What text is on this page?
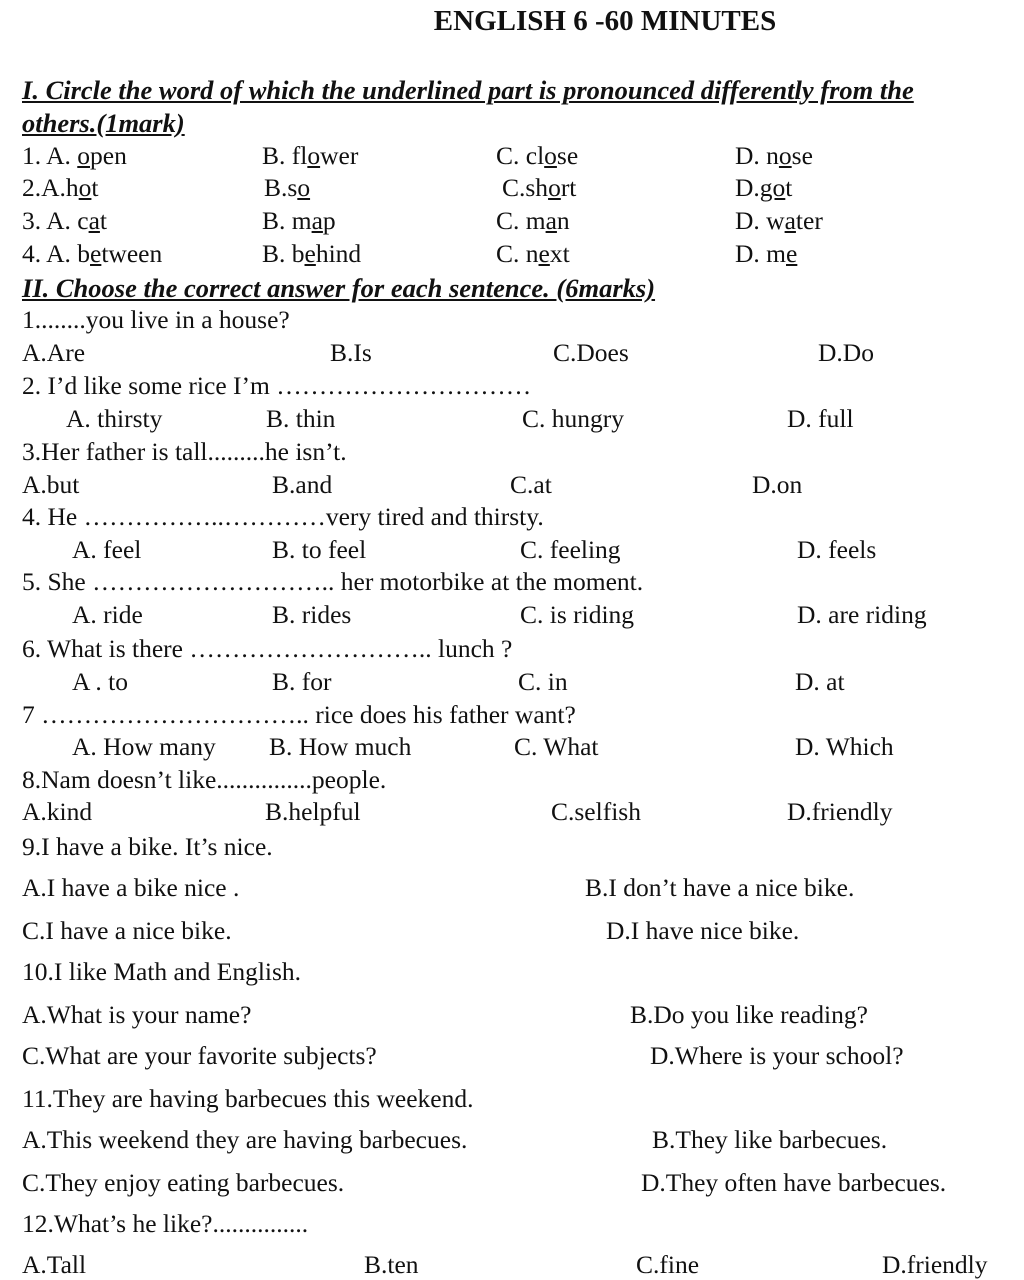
ENGLISH 6 -60 MINUTES
I. Circle the word of which the underlined part is pronounced differently from the
others.(1mark)
1. A. open	B. flower	C. close	D. nose
2.A.hot	B.so	C.short	D.got
3. A. cat	B. map	C. man	D. water
4. A. between	B. behind	C. next	D. me
II. Choose the correct answer for each sentence. (6marks)
1........you live in a house?
A.Are	B.Is	C.Does	D.Do
2. I’d like some rice I’m …………………………
A. thirsty	B. thin	C. hungry	D. full
3.Her father is tall.........he isn’t.
A.but	B.and	C.at	D.on
4. He ……………..…………very tired and thirsty.
A. feel	B. to feel	C. feeling	D. feels
5. She ……………………….. her motorbike at the moment.
A. ride	B. rides	C. is riding	D. are riding
6. What is there ……………………….. lunch ?
A . to	B. for	C. in	D. at
7 ………………………….. rice does his father want?
A. How many B. How much	C. What	D. Which
8.Nam doesn’t like...............people.
A.kind	B.helpful	C.selfish	D.friendly
9.I have a bike. It’s nice.
A.I have a bike nice .	B.I don’t have a nice bike.
C.I have a nice bike.	D.I have nice bike.
10.I like Math and English.
A.What is your name?	B.Do you like reading?
C.What are your favorite subjects?	D.Where is your school?
11.They are having barbecues this weekend.
A.This weekend they are having barbecues.	B.They like barbecues.
C.They enjoy eating barbecues.	D.They often have barbecues.
12.What’s he like?...............
A.Tall	B.ten	C.fine	D.friendly
